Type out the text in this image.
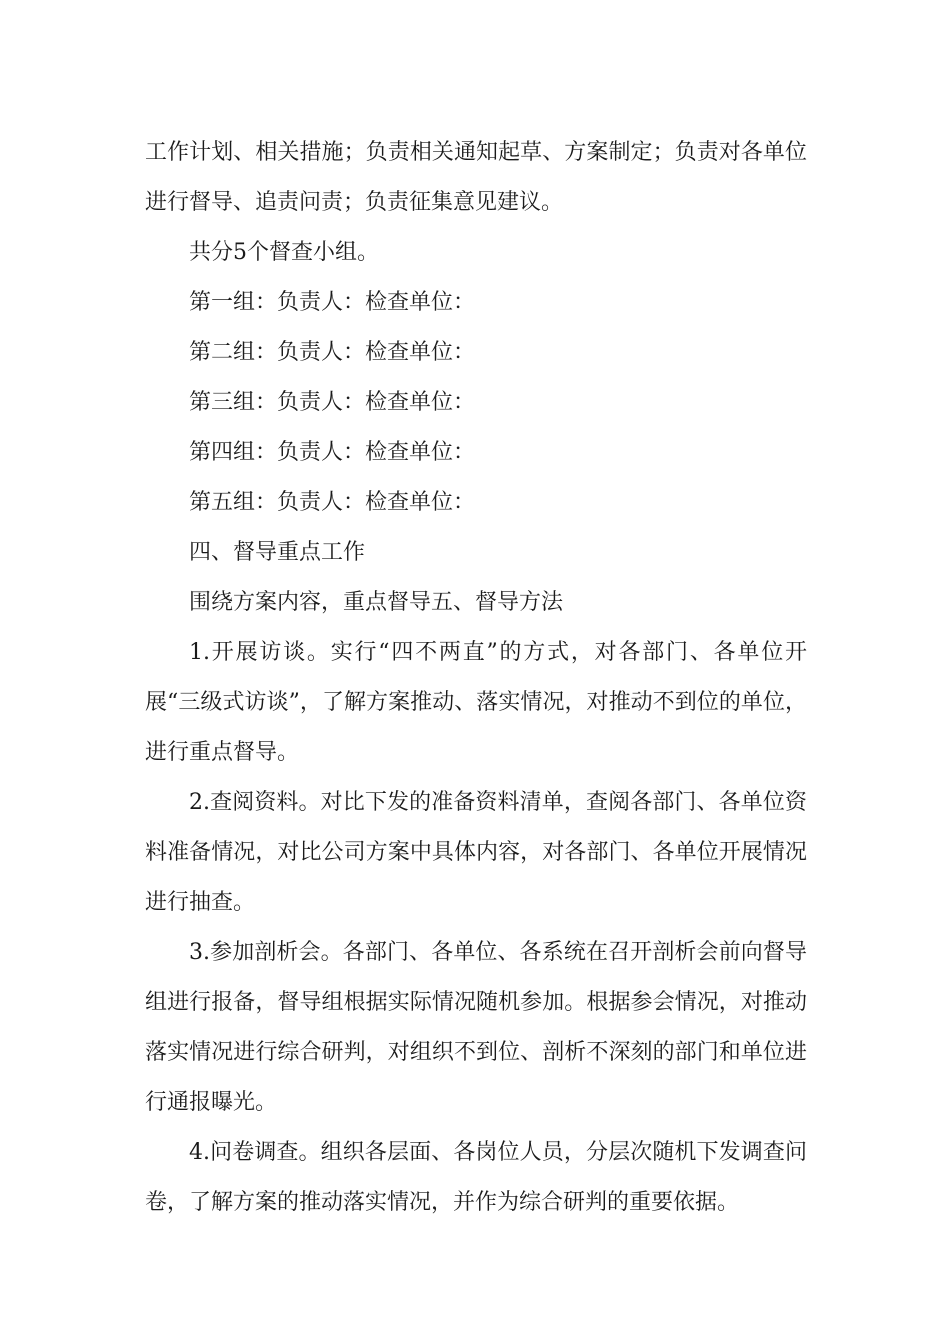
工作计划、相关措施；负责相关通知起草、方案制定；负责对各单位进行督导、追责问责；负责征集意见建议。

共分5个督查小组。

第一组：负责人：检查单位：

第二组：负责人：检查单位：

第三组：负责人：检查单位：

第四组：负责人：检查单位：

第五组：负责人：检查单位：

四、督导重点工作

围绕方案内容，重点督导五、督导方法

1.开展访谈。实行“四不两直”的方式，对各部门、各单位开展“三级式访谈”，了解方案推动、落实情况，对推动不到位的单位，进行重点督导。

2.查阅资料。对比下发的准备资料清单，查阅各部门、各单位资料准备情况，对比公司方案中具体内容，对各部门、各单位开展情况进行抽查。

3.参加剖析会。各部门、各单位、各系统在召开剖析会前向督导组进行报备，督导组根据实际情况随机参加。根据参会情况，对推动落实情况进行综合研判，对组织不到位、剖析不深刻的部门和单位进行通报曝光。

4.问卷调查。组织各层面、各岗位人员，分层次随机下发调查问卷，了解方案的推动落实情况，并作为综合研判的重要依据。
